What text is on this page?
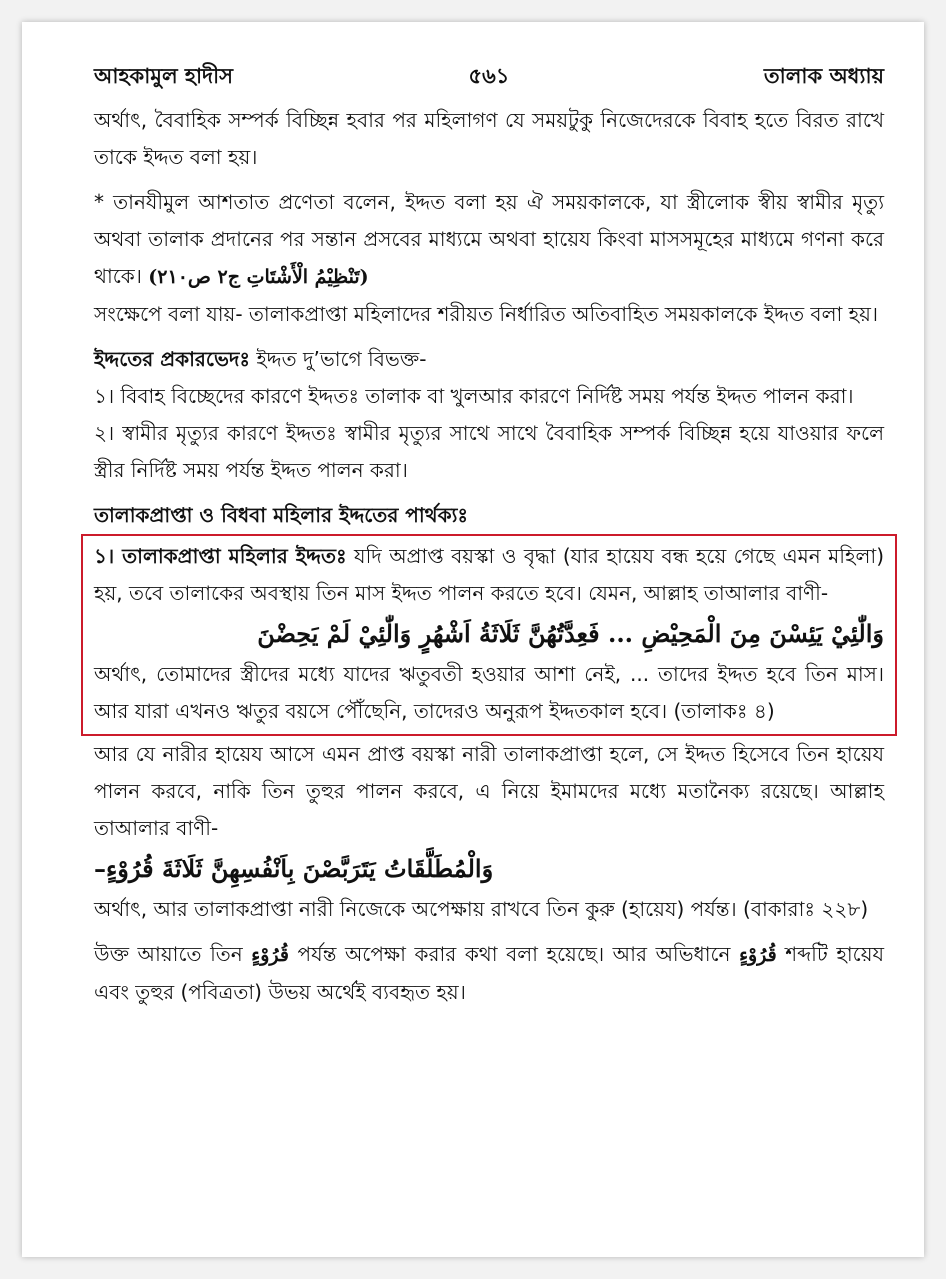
আহকামুল হাদীস	৫৬১	তালাক অধ্যায়

অর্থাৎ, বৈবাহিক সম্পর্ক বিচ্ছিন্ন হবার পর মহিলাগণ যে সময়টুকু নিজেদেরকে বিবাহ হতে বিরত রাখে তাকে ইদ্দত বলা হয়।

* তানযীমুল আশতাত প্রণেতা বলেন, ইদ্দত বলা হয় ঐ সময়কালকে, যা স্ত্রীলোক স্বীয় স্বামীর মৃত্যু অথবা তালাক প্রদানের পর সন্তান প্রসবের মাধ্যমে অথবা হায়েয কিংবা মাসসমূহের মাধ্যমে গণনা করে থাকে। (تَنْظِيْمُ الْأَشْتَاتِ ج٢ ص٢١٠)

সংক্ষেপে বলা যায়- তালাকপ্রাপ্তা মহিলাদের শরীয়ত নির্ধারিত অতিবাহিত সময়কালকে ইদ্দত বলা হয়।

ইদ্দতের প্রকারভেদঃ ইদ্দত দু’ভাগে বিভক্ত-

১। বিবাহ বিচ্ছেদের কারণে ইদ্দতঃ তালাক বা খুলআর কারণে নির্দিষ্ট সময় পর্যন্ত ইদ্দত পালন করা।

২। স্বামীর মৃত্যুর কারণে ইদ্দতঃ স্বামীর মৃত্যুর সাথে সাথে বৈবাহিক সম্পর্ক বিচ্ছিন্ন হয়ে যাওয়ার ফলে স্ত্রীর নির্দিষ্ট সময় পর্যন্ত ইদ্দত পালন করা।

তালাকপ্রাপ্তা ও বিধবা মহিলার ইদ্দতের পার্থক্যঃ

১। তালাকপ্রাপ্তা মহিলার ইদ্দতঃ যদি অপ্রাপ্ত বয়স্কা ও বৃদ্ধা (যার হায়েয বন্ধ হয়ে গেছে এমন মহিলা) হয়, তবে তালাকের অবস্থায় তিন মাস ইদ্দত পালন করতে হবে। যেমন, আল্লাহ তাআলার বাণী-

وَالّٰئِيْ يَئِسْنَ مِنَ الْمَحِيْضِ ... فَعِدَّتُهُنَّ ثَلَاثَةُ اَشْهُرٍ وَالّٰئِيْ لَمْ يَحِضْنَ

অর্থাৎ, তোমাদের স্ত্রীদের মধ্যে যাদের ঋতুবতী হওয়ার আশা নেই, ... তাদের ইদ্দত হবে তিন মাস। আর যারা এখনও ঋতুর বয়সে পৌঁছেনি, তাদেরও অনুরূপ ইদ্দতকাল হবে। (তালাকঃ ৪)

আর যে নারীর হায়েয আসে এমন প্রাপ্ত বয়স্কা নারী তালাকপ্রাপ্তা হলে, সে ইদ্দত হিসেবে তিন হায়েয পালন করবে, নাকি তিন তুহুর পালন করবে, এ নিয়ে ইমামদের মধ্যে মতানৈক্য রয়েছে। আল্লাহ তাআলার বাণী-

وَالْمُطَلَّقَاتُ يَتَرَبَّصْنَ بِاَنْفُسِهِنَّ ثَلَاثَةَ قُرُوْءٍ–

অর্থাৎ, আর তালাকপ্রাপ্তা নারী নিজেকে অপেক্ষায় রাখবে তিন কুরু (হায়েয) পর্যন্ত। (বাকারাঃ ২২৮)

উক্ত আয়াতে তিন قُرُوْءٍ পর্যন্ত অপেক্ষা করার কথা বলা হয়েছে। আর অভিধানে قُرُوْءٍ শব্দটি হায়েয এবং তুহুর (পবিত্রতা) উভয় অর্থেই ব্যবহৃত হয়।
